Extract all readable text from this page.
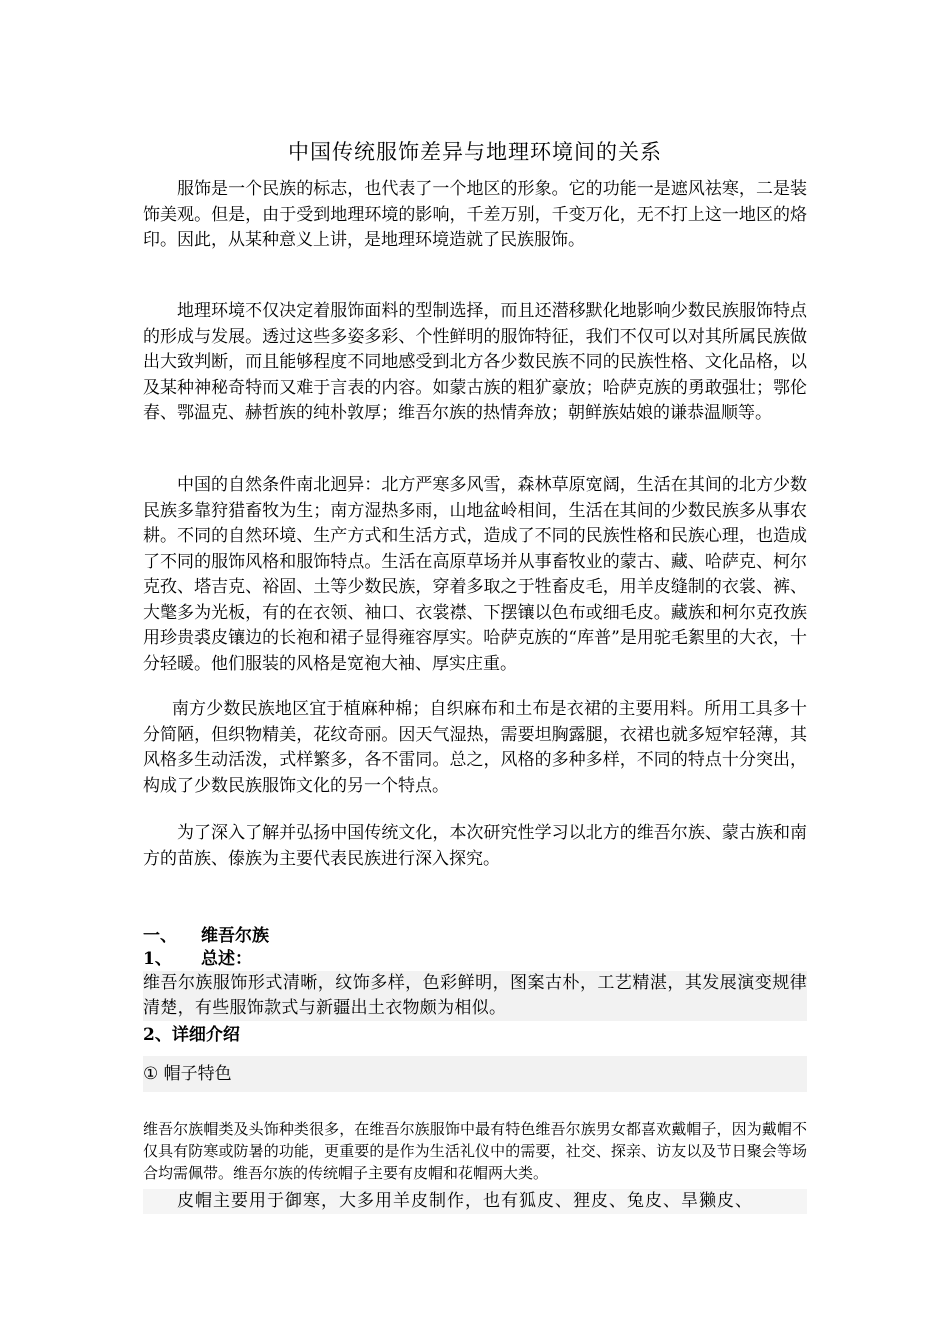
中国传统服饰差异与地理环境间的关系

服饰是一个民族的标志，也代表了一个地区的形象。它的功能一是遮风祛寒，二是装饰美观。但是，由于受到地理环境的影响，千差万别，千变万化，无不打上这一地区的烙印。因此，从某种意义上讲，是地理环境造就了民族服饰。

地理环境不仅决定着服饰面料的型制选择，而且还潜移默化地影响少数民族服饰特点的形成与发展。透过这些多姿多彩、个性鲜明的服饰特征，我们不仅可以对其所属民族做出大致判断，而且能够程度不同地感受到北方各少数民族不同的民族性格、文化品格，以及某种神秘奇特而又难于言表的内容。如蒙古族的粗犷豪放；哈萨克族的勇敢强壮；鄂伦春、鄂温克、赫哲族的纯朴敦厚；维吾尔族的热情奔放；朝鲜族姑娘的谦恭温顺等。

中国的自然条件南北迥异：北方严寒多风雪，森林草原宽阔，生活在其间的北方少数民族多靠狩猎畜牧为生；南方湿热多雨，山地盆岭相间，生活在其间的少数民族多从事农耕。不同的自然环境、生产方式和生活方式，造成了不同的民族性格和民族心理，也造成了不同的服饰风格和服饰特点。生活在高原草场并从事畜牧业的蒙古、藏、哈萨克、柯尔克孜、塔吉克、裕固、土等少数民族，穿着多取之于牲畜皮毛，用羊皮缝制的衣裳、裤、大氅多为光板，有的在衣领、袖口、衣裳襟、下摆镶以色布或细毛皮。藏族和柯尔克孜族用珍贵裘皮镶边的长袍和裙子显得雍容厚实。哈萨克族的“库普”是用驼毛絮里的大衣，十分轻暖。他们服装的风格是宽袍大袖、厚实庄重。

南方少数民族地区宜于植麻种棉；自织麻布和土布是衣裙的主要用料。所用工具多十分简陋，但织物精美，花纹奇丽。因天气湿热，需要坦胸露腿，衣裙也就多短窄轻薄，其风格多生动活泼，式样繁多，各不雷同。总之，风格的多种多样，不同的特点十分突出，构成了少数民族服饰文化的另一个特点。

为了深入了解并弘扬中国传统文化，本次研究性学习以北方的维吾尔族、蒙古族和南方的苗族、傣族为主要代表民族进行深入探究。

一、 维吾尔族

1、 总述：

维吾尔族服饰形式清晰，纹饰多样，色彩鲜明，图案古朴，工艺精湛，其发展演变规律清楚，有些服饰款式与新疆出土衣物颇为相似。

2、详细介绍

① 帽子特色

维吾尔族帽类及头饰种类很多，在维吾尔族服饰中最有特色维吾尔族男女都喜欢戴帽子，因为戴帽不仅具有防寒或防暑的功能，更重要的是作为生活礼仪中的需要，社交、探亲、访友以及节日聚会等场合均需佩带。维吾尔族的传统帽子主要有皮帽和花帽两大类。

皮帽主要用于御寒，大多用羊皮制作，也有狐皮、狸皮、兔皮、旱獭皮、
